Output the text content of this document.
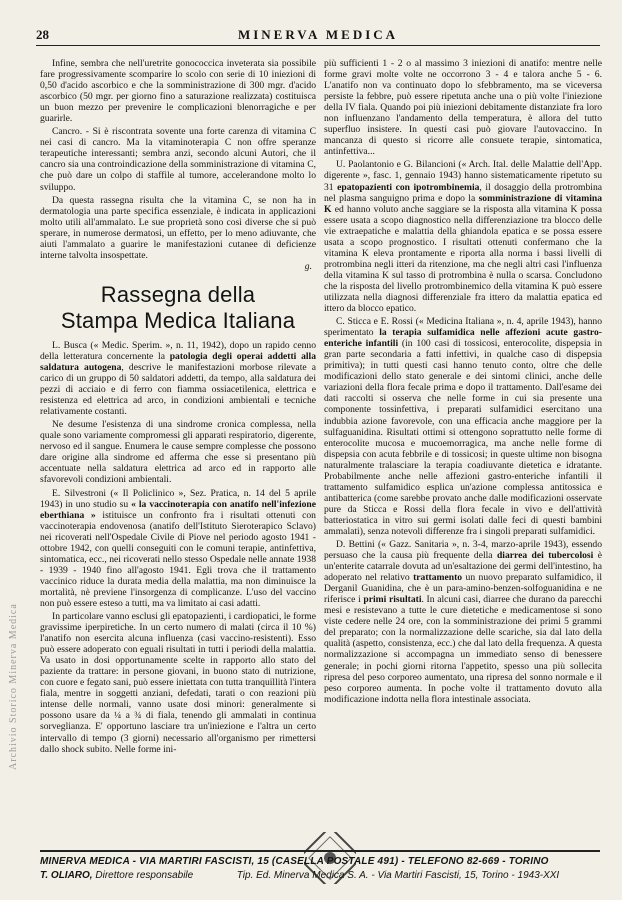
28	MINERVA MEDICA
Archivio Storico Minerva Medica

Infine, sembra che nell'uretrite gonococcica inveterata sia possibile fare progressivamente scomparire lo scolo con serie di 10 iniezioni di 0,50 d'acido ascorbico e che la somministrazione di 300 mgr. d'acido ascorbico (50 mgr. per giorno fino a saturazione realizzata) costituisca un buon mezzo per prevenire le complicazioni blenorragiche e per guarirle.

Cancro. - Si è riscontrata sovente una forte carenza di vitamina C nei casi di cancro. Ma la vitaminoterapia C non offre speranze terapeutiche interessanti; sembra anzi, secondo alcuni Autori, che il cancro sia una controindicazione della somministrazione di vitamina C, che può dare un colpo di staffile al tumore, accelerandone molto lo sviluppo.

Da questa rassegna risulta che la vitamina C, se non ha in dermatologia una parte specifica essenziale, è indicata in applicazioni molto utili all'ammalato. Le sue proprietà sono così diverse che si può sperare, in numerose dermatosi, un effetto, per lo meno adiuvante, che aiuti l'ammalato a guarire le manifestazioni cutanee di deficienze interne talvolta insospettate.

g.
Rassegna della
Stampa Medica Italiana

L. Busca (« Medic. Sperim. », n. 11, 1942), dopo un rapido cenno della letteratura concernente la patologia degli operai addetti alla saldatura autogena, descrive le manifestazioni morbose rilevate a carico di un gruppo di 50 saldatori addetti, da tempo, alla saldatura dei pezzi di acciaio e di ferro con fiamma ossiacetilenica, elettrica e resistenza ed elettrica ad arco, in condizioni ambientali e tecniche relativamente costanti.

Ne desume l'esistenza di una sindrome cronica complessa, nella quale sono variamente compromessi gli apparati respiratorio, digerente, nervoso ed il sangue. Enumera le cause sempre complesse che possono dare origine alla sindrome ed afferma che esse si presentano più accentuate nella saldatura elettrica ad arco ed in rapporto alle sfavorevoli condizioni ambientali.

E. Silvestroni (« Il Policlinico », Sez. Pratica, n. 14 del 5 aprile 1943) in uno studio su « la vaccinoterapia con anatifo nell'infezione eberthiana » istituisce un confronto fra i risultati ottenuti con vaccinoterapia endovenosa (anatifo dell'Istituto Sieroterapico Sclavo) nei ricoverati nell'Ospedale Civile di Piove nel periodo agosto 1941 - ottobre 1942, con quelli conseguiti con le comuni terapie, antinfettiva, sintomatica, ecc., nei ricoverati nello stesso Ospedale nelle annate 1938 - 1939 - 1940 fino all'agosto 1941. Egli trova che il trattamento vaccinico riduce la durata media della malattia, ma non diminuisce la mortalità, nè previene l'insorgenza di complicanze. L'uso del vaccino non può essere esteso a tutti, ma va limitato ai casi adatti.

In particolare vanno esclusi gli epatopazienti, i cardiopatici, le forme gravissime iperpiretiche. In un certo numero di malati (circa il 10 %) l'anatifo non esercita alcuna influenza (casi vaccino-resistenti). Esso può essere adoperato con eguali risultati in tutti i periodi della malattia. Va usato in dosi opportunamente scelte in rapporto allo stato del paziente da trattare: in persone giovani, in buono stato di nutrizione, con cuore e fegato sani, può essere iniettata con tutta tranquillità l'intera fiala, mentre in soggetti anziani, defedati, tarati o con reazioni più intense delle normali, vanno usate dosi minori: generalmente si possono usare da ¼ a ¾ di fiala, tenendo gli ammalati in continua sorveglianza. E' opportuno lasciare tra un'iniezione e l'altra un certo intervallo di tempo (3 giorni) necessario all'organismo per rimettersi dallo shock subito. Nelle forme ini-

più sufficienti 1 - 2 o al massimo 3 iniezioni di anatifo: mentre nelle forme gravi molte volte ne occorrono 3 - 4 e talora anche 5 - 6. L'anatifo non va continuato dopo lo sfebbramento, ma se viceversa persiste la febbre, può essere ripetuta anche una o più volte l'iniezione della IV fiala. Quando poi più iniezioni debitamente distanziate fra loro non influenzano l'andamento della temperatura, è allora del tutto superfluo insistere. In questi casi può giovare l'autovaccino. In mancanza di questo si ricorre alle consuete terapie, sintomatica, antinfettiva...

U. Paolantonio e G. Bilancioni (« Arch. Ital. delle Malattie dell'App. digerente », fasc. 1, gennaio 1943) hanno sistematicamente ripetuto su 31 epatopazienti con ipotrombinemia, il dosaggio della protrombina nel plasma sanguigno prima e dopo la somministrazione di vitamina K ed hanno voluto anche saggiare se la risposta alla vitamina K possa essere usata a scopo diagnostico nella differenziazione tra blocco delle vie extraepatiche e malattia della ghiandola epatica e se possa essere usata a scopo prognostico. I risultati ottenuti confermano che la vitamina K eleva prontamente e riporta alla norma i bassi livelli di protrombina negli itteri da ritenzione, ma che negli altri casi l'influenza della vitamina K sul tasso di protrombina è nulla o scarsa. Concludono che la risposta del livello protrombinemico della vitamina K può essere utilizzata nella diagnosi differenziale fra ittero da malattia epatica ed ittero da blocco epatico.

C. Sticca e E. Rossi (« Medicina Italiana », n. 4, aprile 1943), hanno sperimentato la terapia sulfamidica nelle affezioni acute gastro-enteriche infantili (in 100 casi di tossicosi, enterocolite, dispepsia in gran parte secondaria a fatti infettivi, in qualche caso di dispepsia primitiva); in tutti questi casi hanno tenuto conto, oltre che delle modificazioni dello stato generale e dei sintomi clinici, anche delle variazioni della flora fecale prima e dopo il trattamento. Dall'esame dei dati raccolti si osserva che nelle forme in cui sia presente una componente tossinfettiva, i preparati sulfamidici esercitano una indubbia azione favorevole, con una efficacia anche maggiore per la sulfaguanidina. Risultati ottimi si ottengono soprattutto nelle forme di enterocolite mucosa e mucoemorragica, ma anche nelle forme di dispepsia con acuta febbrile e di tossicosi; in queste ultime non bisogna naturalmente tralasciare la terapia coadiuvante dietetica e idratante. Probabilmente anche nelle affezioni gastro-enteriche infantili il trattamento sulfamidico esplica un'azione complessa antitossica e antibatterica (come sarebbe provato anche dalle modificazioni osservate pure da Sticca e Rossi della flora fecale in vivo e dell'attività batteriostatica in vitro sui germi isolati dalle feci di questi bambini ammalati), senza notevoli differenze fra i singoli preparati sulfamidici.

D. Bettini (« Gazz. Sanitaria », n. 3-4, marzo-aprile 1943), essendo persuaso che la causa più frequente della diarrea dei tubercolosi è un'enterite catarrale dovuta ad un'esaltazione dei germi dell'intestino, ha adoperato nel relativo trattamento un nuovo preparato sulfamidico, il Derganil Guanidina, che è un para-amino-benzen-solfoguanidina e ne riferisce i primi risultati. In alcuni casi, diarree che durano da parecchi mesi e resistevano a tutte le cure dietetiche e medicamentose si sono viste cedere nelle 24 ore, con la somministrazione dei primi 5 grammi del preparato; con la normalizzazione delle scariche, sia dal lato della qualità (aspetto, consistenza, ecc.) che dal lato della frequenza. A questa normalizzazione si accompagna un immediato senso di benessere generale; in pochi giorni ritorna l'appetito, spesso una più sollecita ripresa del peso corporeo aumentato, una ripresa del sonno normale e il peso corporeo aumenta. In poche volte il trattamento dovuto alla modificazione indotta nella flora intestinale associata.

MINERVA MEDICA - VIA MARTIRI FASCISTI, 15 (CASELLA POSTALE 491) - TELEFONO 82-669 - TORINO
T. OLIARO, Direttore responsabile	Tip. Ed. Minerva Medica S. A. - Via Martiri Fascisti, 15, Torino - 1943-XXI
